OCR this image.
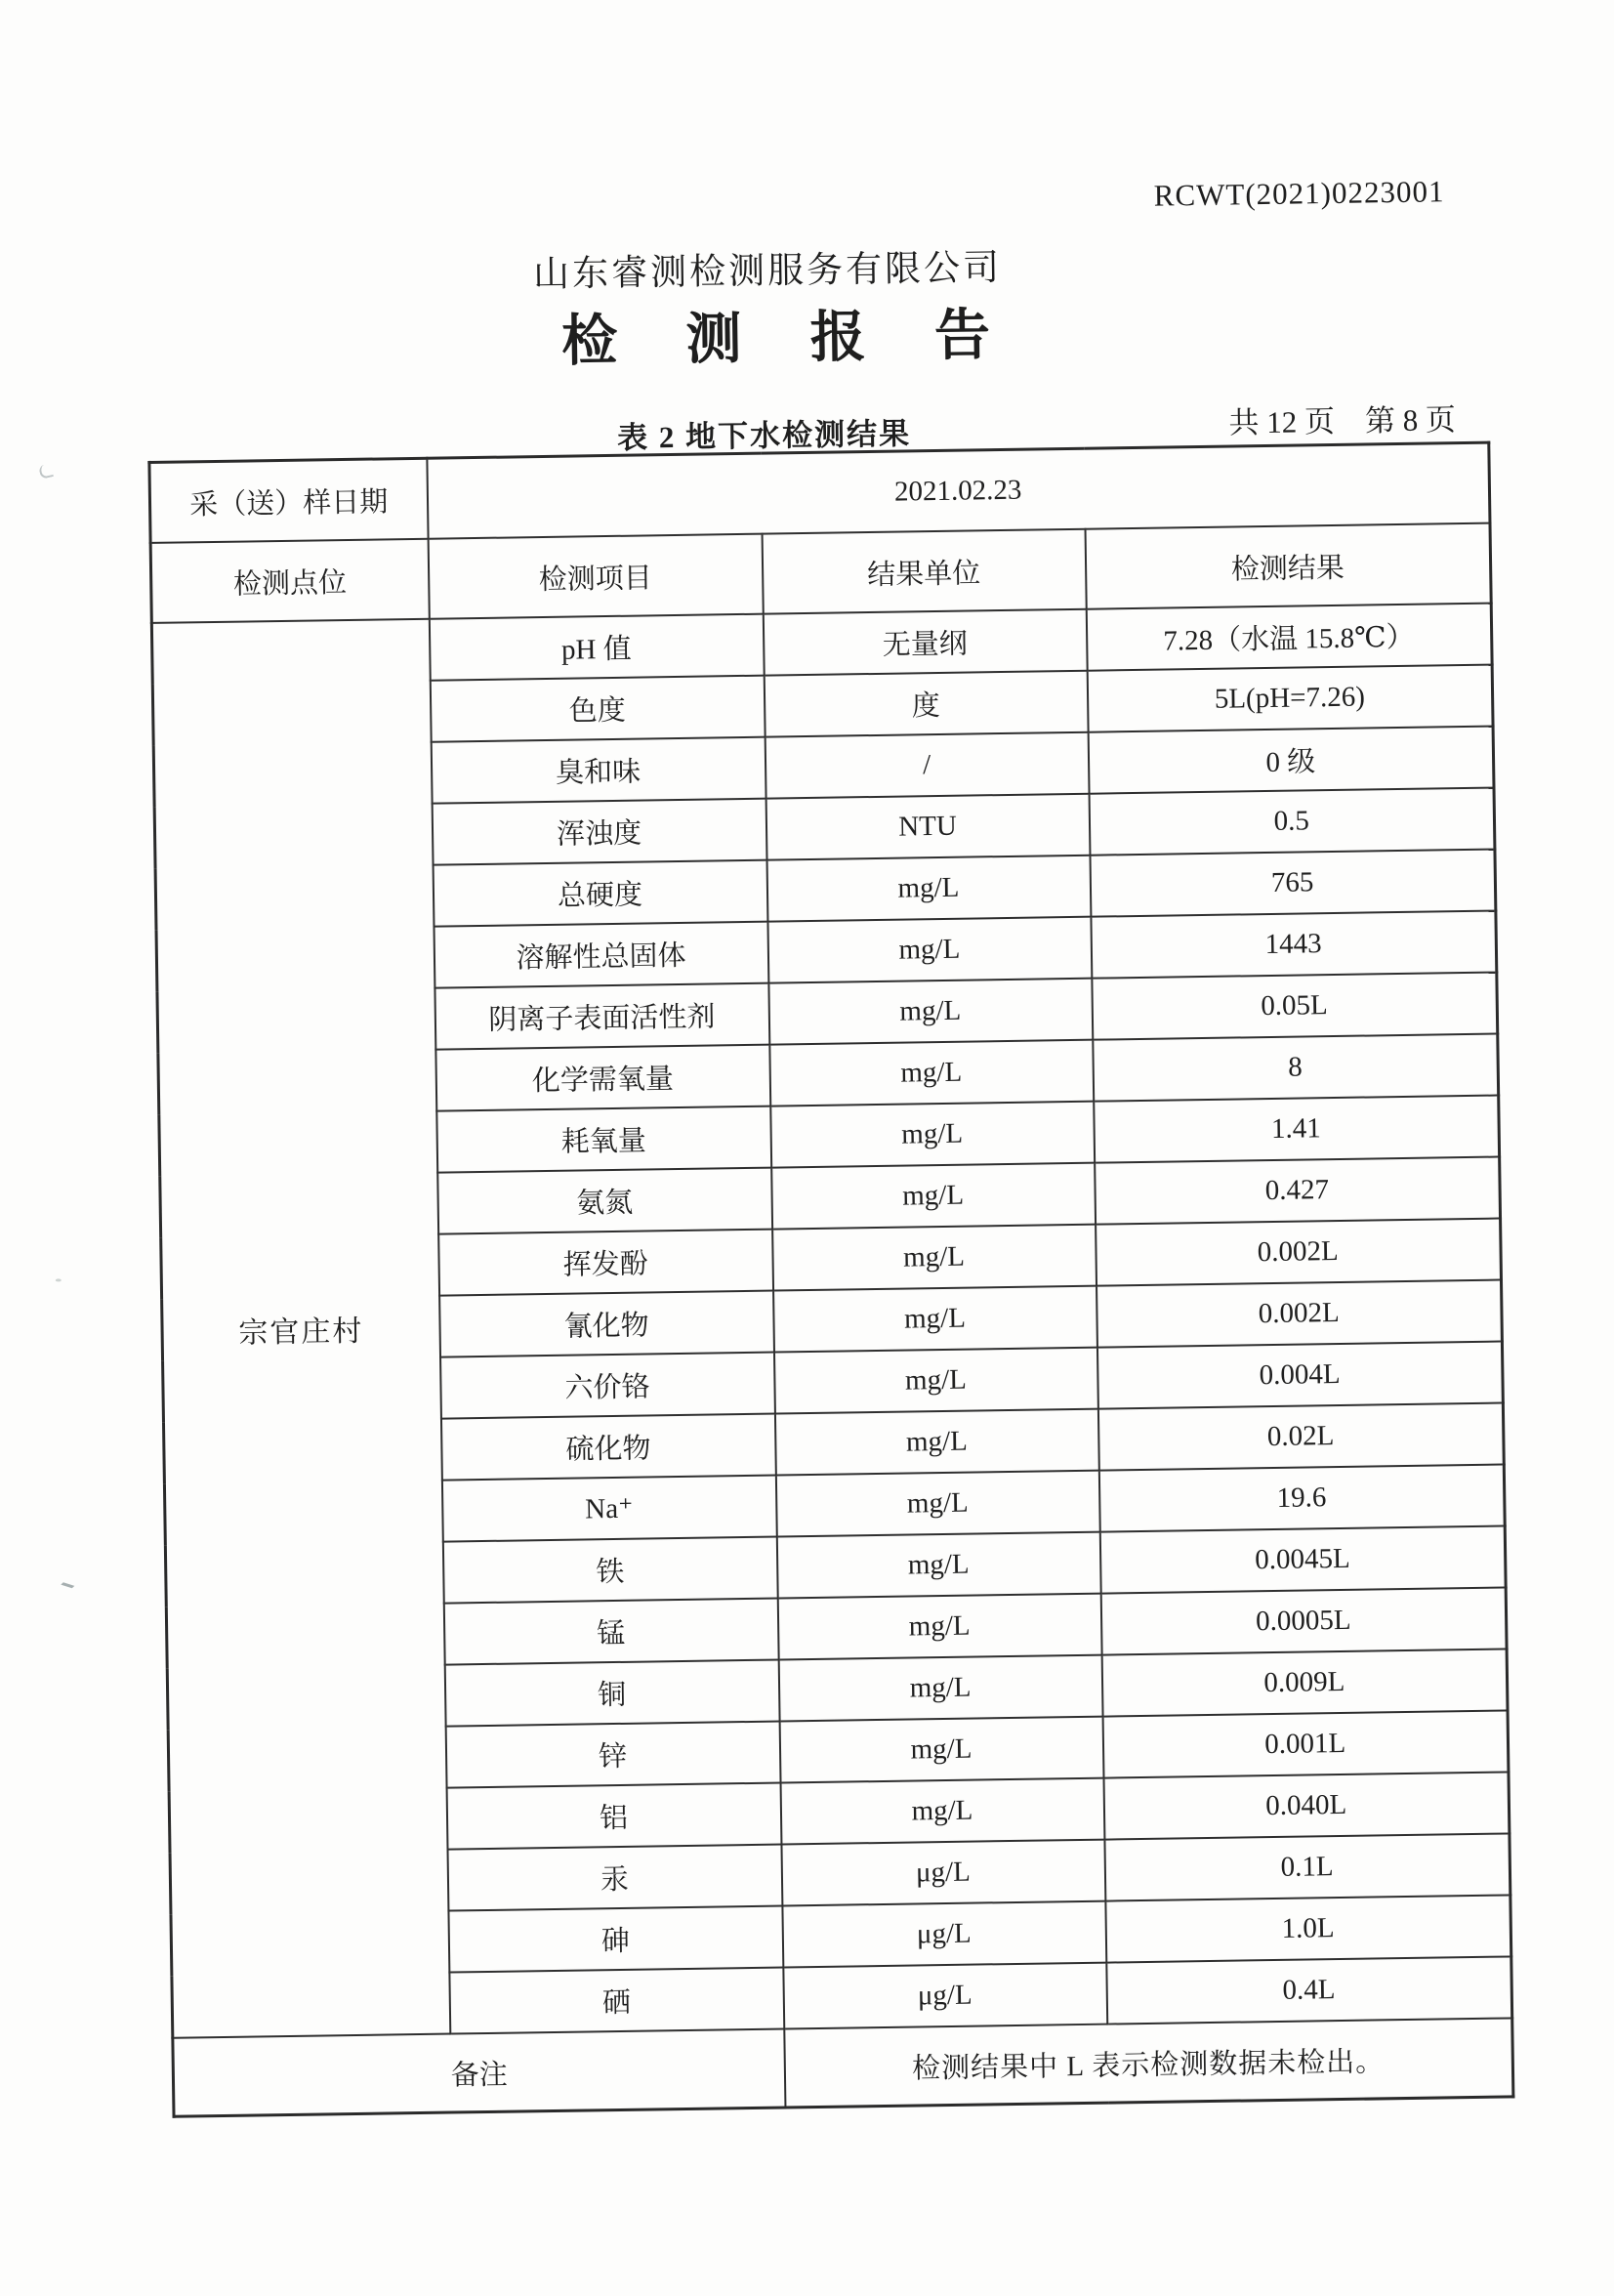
RCWT(2021)0223001
山东睿测检测服务有限公司
检 测 报 告
表 2 地下水检测结果	共 12 页　第 8 页
采（送）样日期	2021.02.23		
检测点位	检测项目	结果单位	检测结果
宗官庄村	pH 值	无量纲	7.28（水温 15.8℃）
	色度	度	5L(pH=7.26)
	臭和味	/	0 级
	浑浊度	NTU	0.5
	总硬度	mg/L	765
	溶解性总固体	mg/L	1443
	阴离子表面活性剂	mg/L	0.05L
	化学需氧量	mg/L	8
	耗氧量	mg/L	1.41
	氨氮	mg/L	0.427
	挥发酚	mg/L	0.002L
	氰化物	mg/L	0.002L
	六价铬	mg/L	0.004L
	硫化物	mg/L	0.02L
	Na⁺	mg/L	19.6
	铁	mg/L	0.0045L
	锰	mg/L	0.0005L
	铜	mg/L	0.009L
	锌	mg/L	0.001L
	铝	mg/L	0.040L
	汞	μg/L	0.1L
	砷	μg/L	1.0L
	硒	μg/L	0.4L
备注		检测结果中 L 表示检测数据未检出。	
